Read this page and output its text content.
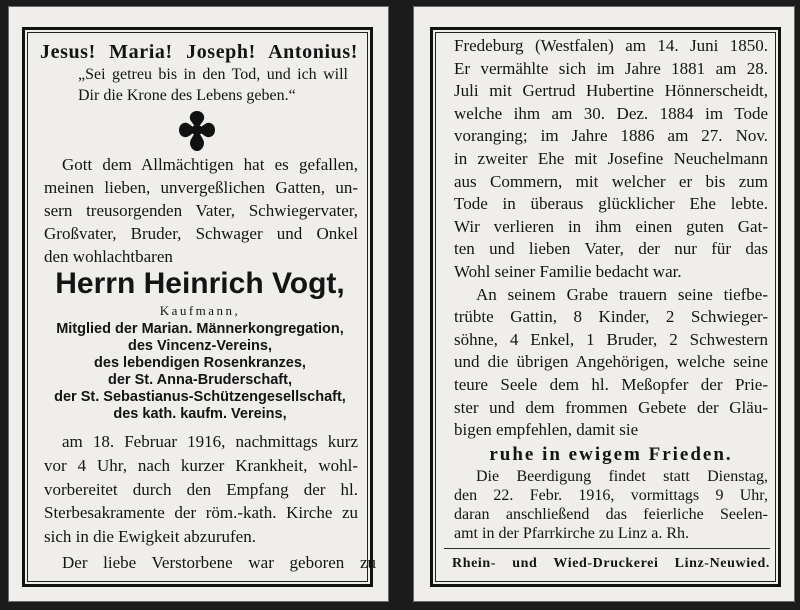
Jesus! Maria! Joseph! Antonius!
„Sei getreu bis in den Tod, und ich will
Dir die Krone des Lebens geben.“
Gott dem Allmächtigen hat es gefallen,
meinen lieben, unvergeßlichen Gatten, un-
sern treusorgenden Vater, Schwiegervater,
Großvater, Bruder, Schwager und Onkel
den wohlachtbaren
Herrn Heinrich Vogt,
Kaufmann,
Mitglied der Marian. Männerkongregation,
des Vincenz-Vereins,
des lebendigen Rosenkranzes,
der St. Anna-Bruderschaft,
der St. Sebastianus-Schützengesellschaft,
des kath. kaufm. Vereins,
am 18. Februar 1916, nachmittags kurz
vor 4 Uhr, nach kurzer Krankheit, wohl-
vorbereitet durch den Empfang der hl.
Sterbesakramente der röm.-kath. Kirche zu
sich in die Ewigkeit abzurufen.
Der liebe Verstorbene war geboren zu
Fredeburg (Westfalen) am 14. Juni 1850.
Er vermählte sich im Jahre 1881 am 28.
Juli mit Gertrud Hubertine Hönnerscheidt,
welche ihm am 30. Dez. 1884 im Tode
voranging; im Jahre 1886 am 27. Nov.
in zweiter Ehe mit Josefine Neuchelmann
aus Commern, mit welcher er bis zum
Tode in überaus glücklicher Ehe lebte.
Wir verlieren in ihm einen guten Gat-
ten und lieben Vater, der nur für das
Wohl seiner Familie bedacht war.
An seinem Grabe trauern seine tiefbe-
trübte Gattin, 8 Kinder, 2 Schwieger-
söhne, 4 Enkel, 1 Bruder, 2 Schwestern
und die übrigen Angehörigen, welche seine
teure Seele dem hl. Meßopfer der Prie-
ster und dem frommen Gebete der Gläu-
bigen empfehlen, damit sie
ruhe in ewigem Frieden.
Die Beerdigung findet statt Dienstag,
den 22. Febr. 1916, vormittags 9 Uhr,
daran anschließend das feierliche Seelen-
amt in der Pfarrkirche zu Linz a. Rh.
Rhein- und Wied-Druckerei Linz-Neuwied.
